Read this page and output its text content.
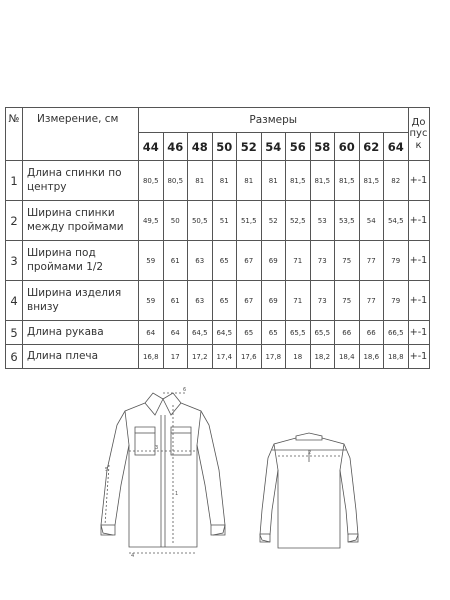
№	Измерение, см	Размеры											До
пус
к
		44	46	48	50	52	54	56	58	60	62	64	
1	Длина спинки по центру	80,5	80,5	81	81	81	81	81,5	81,5	81,5	81,5	82	+-1
2	Ширина спинки между проймами	49,5	50	50,5	51	51,5	52	52,5	53	53,5	54	54,5	+-1
3	Ширина под проймами 1/2	59	61	63	65	67	69	71	73	75	77	79	+-1
4	Ширина изделия внизу	59	61	63	65	67	69	71	73	75	77	79	+-1
5	Длина рукава	64	64	64,5	64,5	65	65	65,5	65,5	66	66	66,5	+-1
6	Длина плеча	16,8	17	17,2	17,4	17,6	17,8	18	18,2	18,4	18,6	18,8	+-1
6
3
5
1
4
2
